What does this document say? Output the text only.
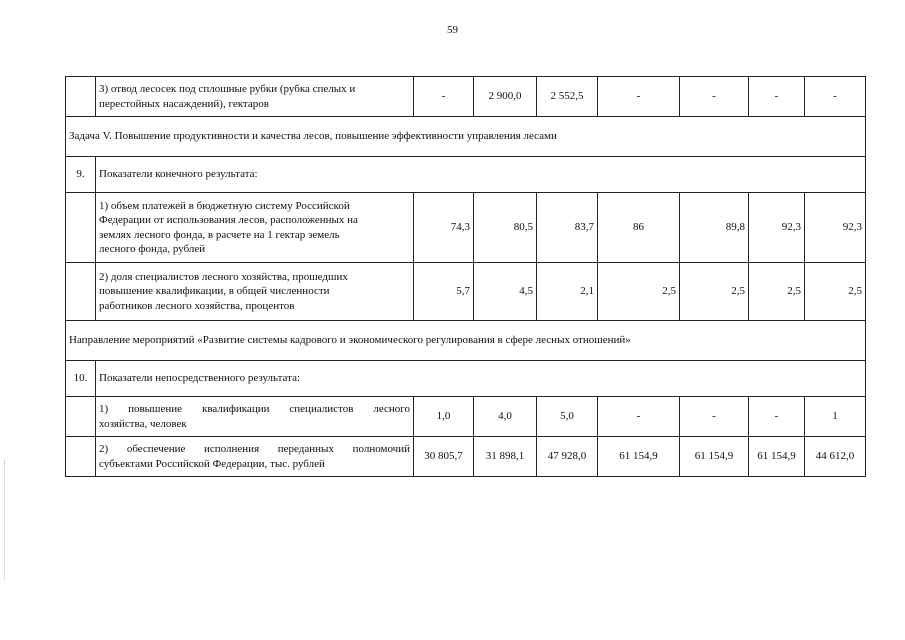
59

	3) отвод лесосек под сплошные рубки (рубка спелых и
перестойных насаждений), гектаров	-	2 900,0	2 552,5	-	-	-	-
Задача V. Повышение продуктивности и качества лесов, повышение эффективности управления лесами								
9.	Показатели конечного результата:							

	1) объем платежей в бюджетную систему Российской
Федерации от использования лесов, расположенных на
землях лесного фонда, в расчете на 1 гектар земель
лесного фонда, рублей	74,3	80,5	83,7	86	89,8	92,3	92,3

	2) доля специалистов лесного хозяйства, прошедших
повышение квалификации, в общей численности
работников лесного хозяйства, процентов	5,7	4,5	2,1	2,5	2,5	2,5	2,5
Направление мероприятий «Развитие системы кадрового и экономического регулирования в сфере лесных отношений»								
10.	Показатели непосредственного результата:							

	1) повышение квалификации специалистов лесного
хозяйства, человек	1,0	4,0	5,0	-	-	-	1

	2) обеспечение исполнения переданных полномочий
субъектами Российской Федерации, тыс. рублей	30 805,7	31 898,1	47 928,0	61 154,9	61 154,9	61 154,9	44 612,0
